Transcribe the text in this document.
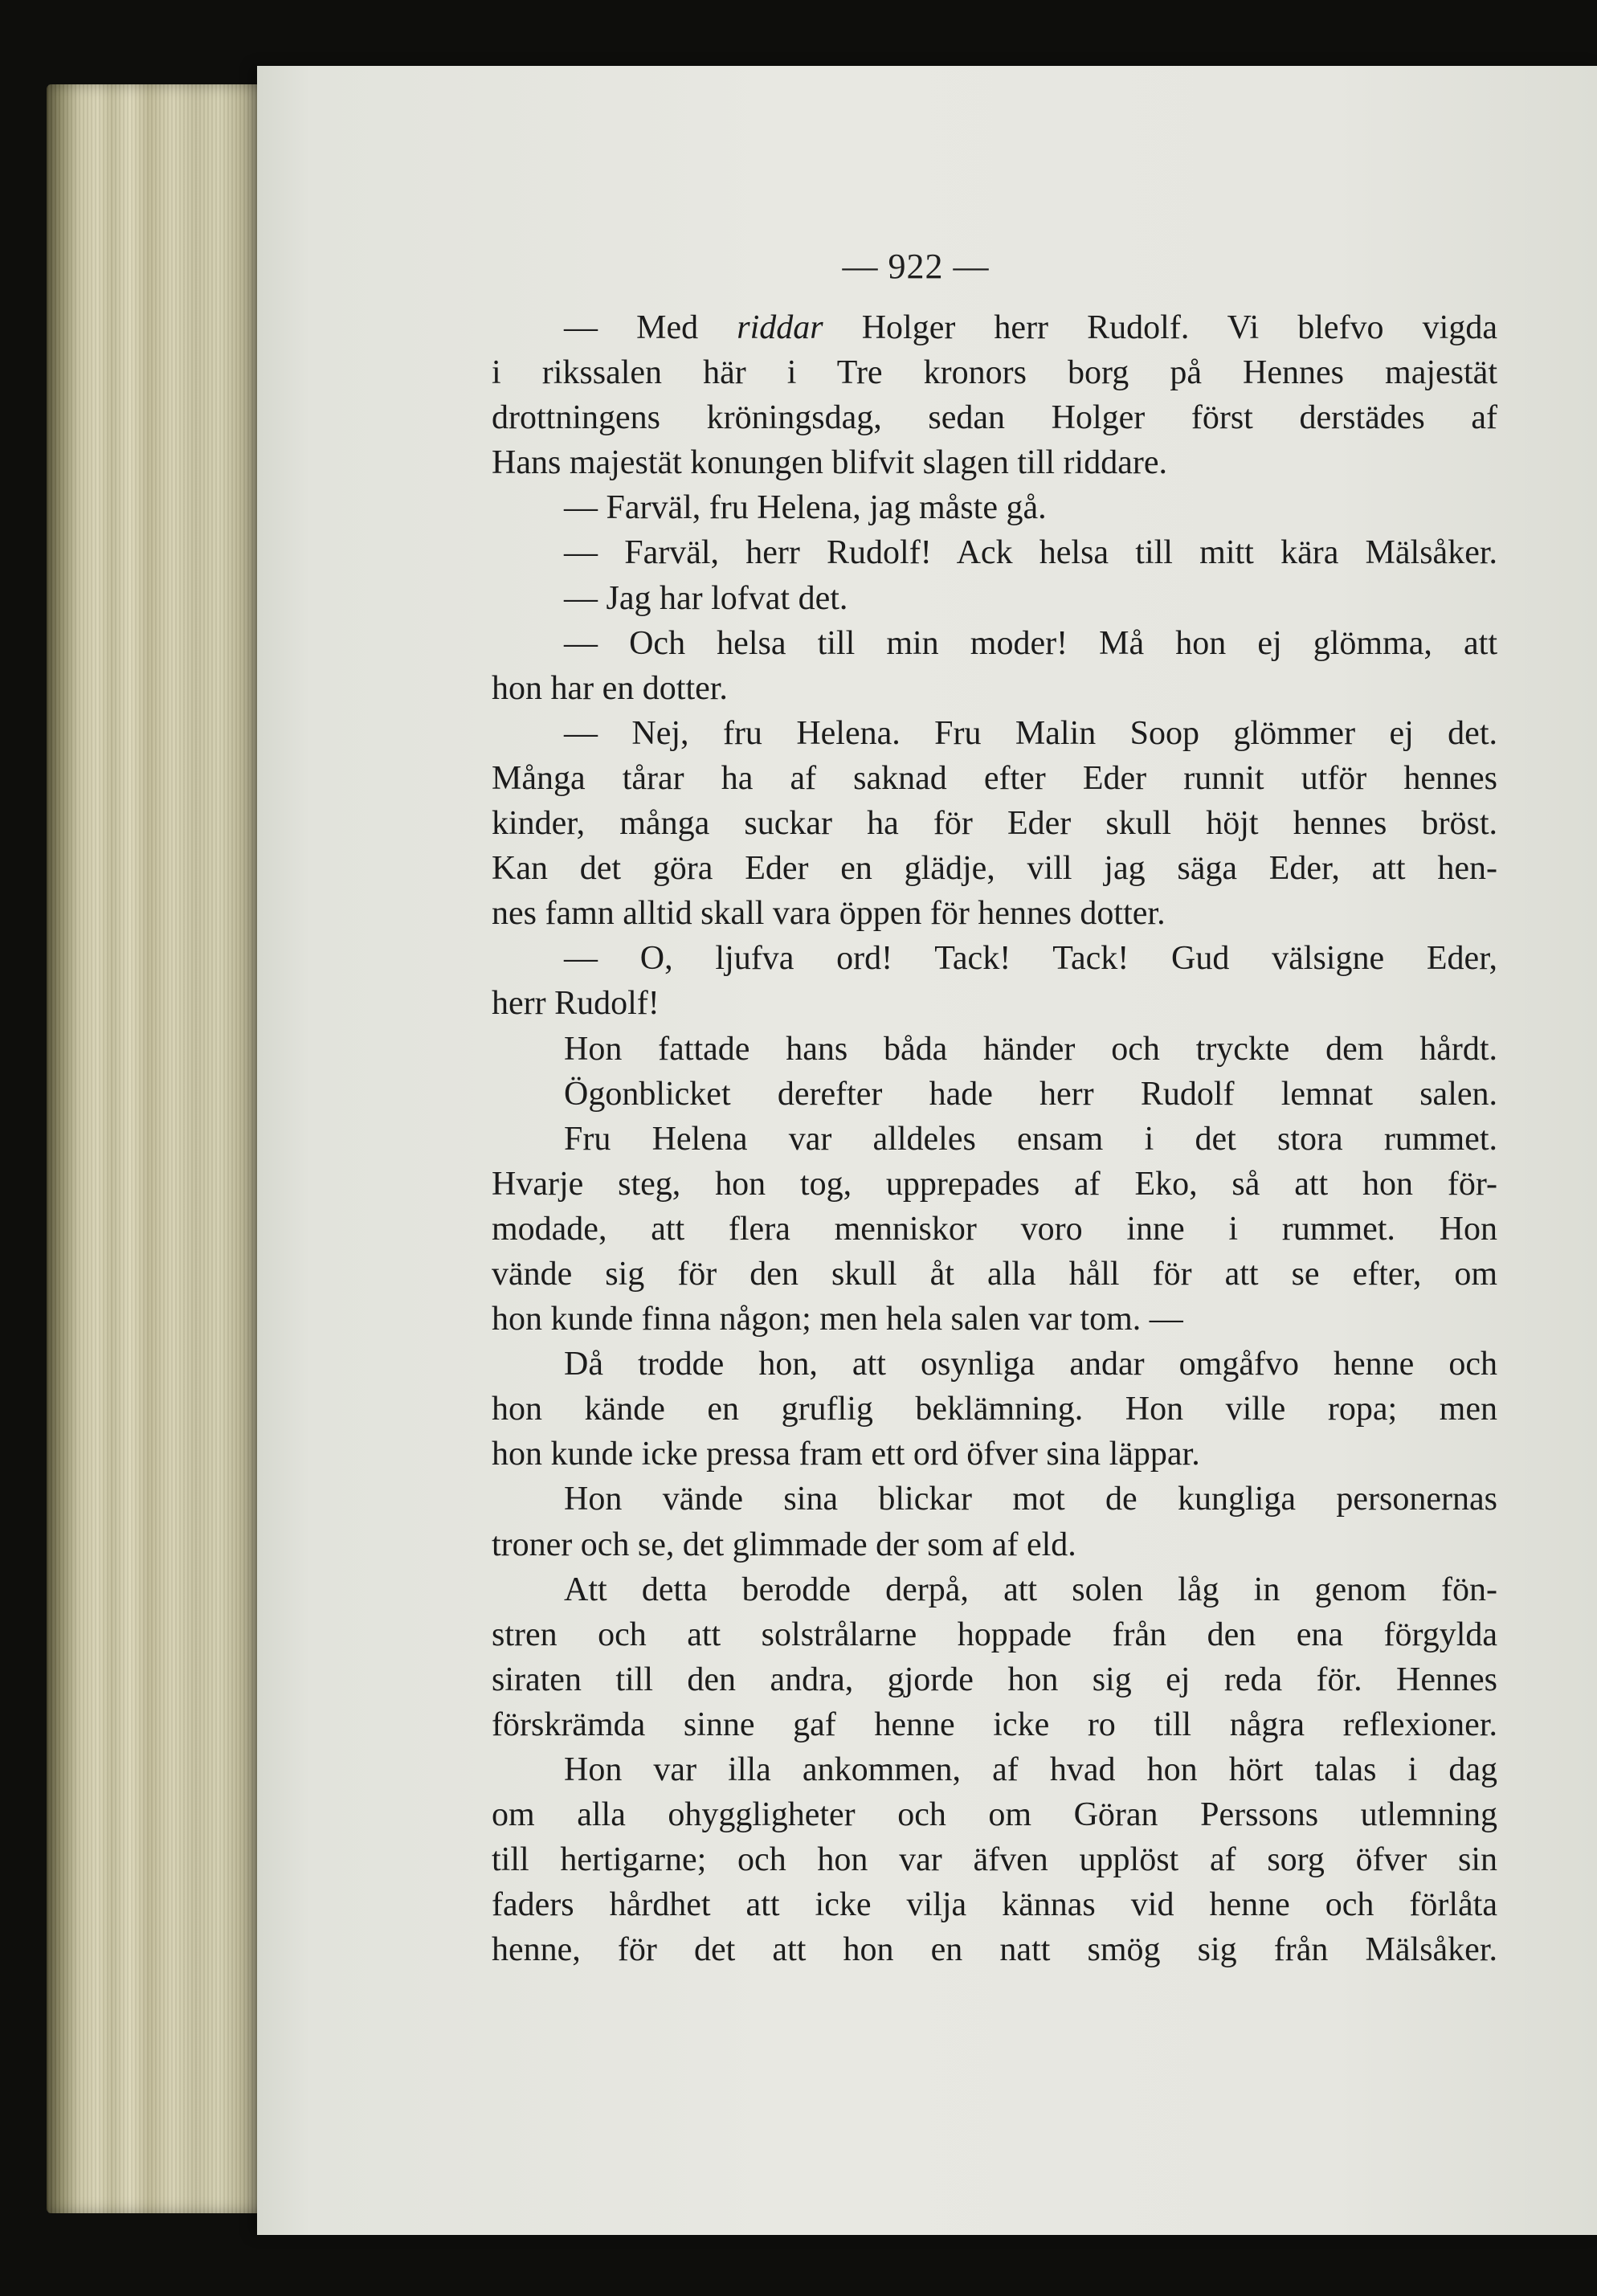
— 922 —
— Med riddar Holger herr Rudolf. Vi blefvo vigda
i rikssalen här i Tre kronors borg på Hennes majestät
drottningens kröningsdag, sedan Holger först derstädes af
Hans majestät konungen blifvit slagen till riddare.
— Farväl, fru Helena, jag måste gå.
— Farväl, herr Rudolf! Ack helsa till mitt kära Mälsåker.
— Jag har lofvat det.
— Och helsa till min moder! Må hon ej glömma, att
hon har en dotter.
— Nej, fru Helena. Fru Malin Soop glömmer ej det.
Många tårar ha af saknad efter Eder runnit utför hennes
kinder, många suckar ha för Eder skull höjt hennes bröst.
Kan det göra Eder en glädje, vill jag säga Eder, att hen-
nes famn alltid skall vara öppen för hennes dotter.
— O, ljufva ord! Tack! Tack! Gud välsigne Eder,
herr Rudolf!
Hon fattade hans båda händer och tryckte dem hårdt.
Ögonblicket derefter hade herr Rudolf lemnat salen.
Fru Helena var alldeles ensam i det stora rummet.
Hvarje steg, hon tog, upprepades af Eko, så att hon för-
modade, att flera menniskor voro inne i rummet. Hon
vände sig för den skull åt alla håll för att se efter, om
hon kunde finna någon; men hela salen var tom. —
Då trodde hon, att osynliga andar omgåfvo henne och
hon kände en gruflig beklämning. Hon ville ropa; men
hon kunde icke pressa fram ett ord öfver sina läppar.
Hon vände sina blickar mot de kungliga personernas
troner och se, det glimmade der som af eld.
Att detta berodde derpå, att solen låg in genom fön-
stren och att solstrålarne hoppade från den ena förgylda
siraten till den andra, gjorde hon sig ej reda för. Hennes
förskrämda sinne gaf henne icke ro till några reflexioner.
Hon var illa ankommen, af hvad hon hört talas i dag
om alla ohyggligheter och om Göran Perssons utlemning
till hertigarne; och hon var äfven upplöst af sorg öfver sin
faders hårdhet att icke vilja kännas vid henne och förlåta
henne, för det att hon en natt smög sig från Mälsåker.
